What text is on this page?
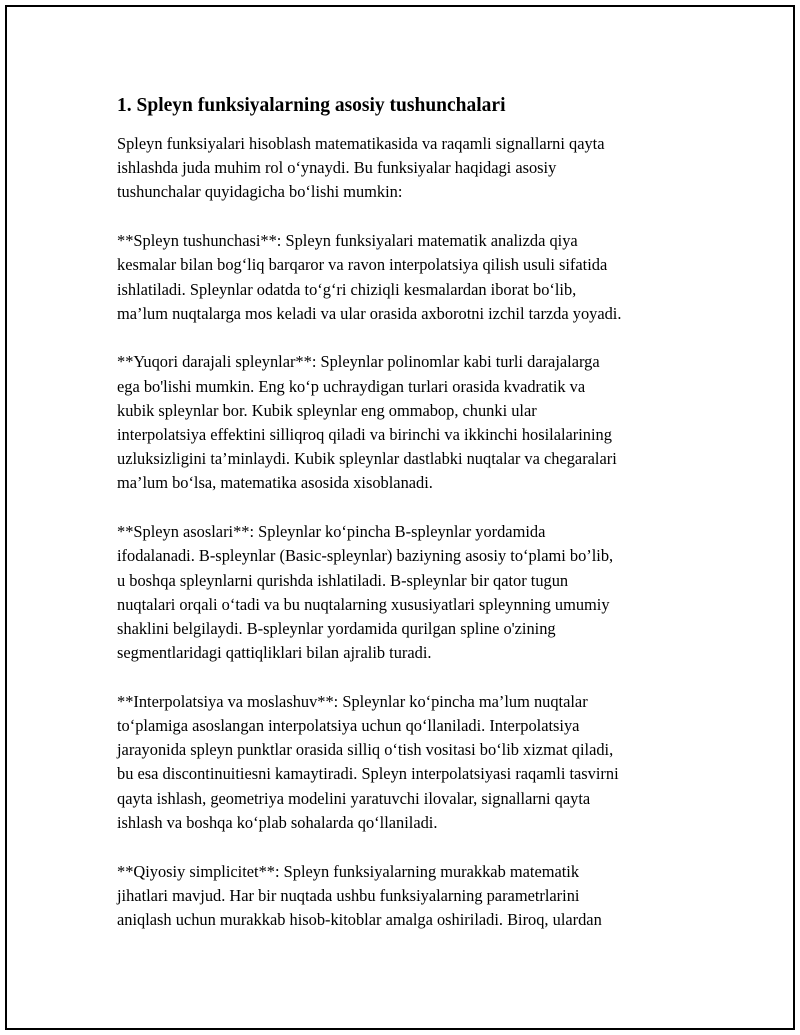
1. Spleyn funksiyalarning asosiy tushunchalari

Spleyn funksiyalari hisoblash matematikasida va raqamli signallarni qayta
ishlashda juda muhim rol o‘ynaydi. Bu funksiyalar haqidagi asosiy
tushunchalar quyidagicha bo‘lishi mumkin:

**Spleyn tushunchasi**: Spleyn funksiyalari matematik analizda qiya
kesmalar bilan bog‘liq barqaror va ravon interpolatsiya qilish usuli sifatida
ishlatiladi. Spleynlar odatda to‘g‘ri chiziqli kesmalardan iborat bo‘lib,
ma’lum nuqtalarga mos keladi va ular orasida axborotni izchil tarzda yoyadi.

**Yuqori darajali spleynlar**: Spleynlar polinomlar kabi turli darajalarga
ega bo'lishi mumkin. Eng ko‘p uchraydigan turlari orasida kvadratik va
kubik spleynlar bor. Kubik spleynlar eng ommabop, chunki ular
interpolatsiya effektini silliqroq qiladi va birinchi va ikkinchi hosilalarining
uzluksizligini ta’minlaydi. Kubik spleynlar dastlabki nuqtalar va chegaralari
ma’lum bo‘lsa, matematika asosida xisoblanadi.

**Spleyn asoslari**: Spleynlar ko‘pincha B-spleynlar yordamida
ifodalanadi. B-spleynlar (Basic-spleynlar) baziyning asosiy to‘plami bo’lib,
u boshqa spleynlarni qurishda ishlatiladi. B-spleynlar bir qator tugun
nuqtalari orqali o‘tadi va bu nuqtalarning xususiyatlari spleynning umumiy
shaklini belgilaydi. B-spleynlar yordamida qurilgan spline o'zining
segmentlaridagi qattiqliklari bilan ajralib turadi.

**Interpolatsiya va moslashuv**: Spleynlar ko‘pincha ma’lum nuqtalar
to‘plamiga asoslangan interpolatsiya uchun qo‘llaniladi. Interpolatsiya
jarayonida spleyn punktlar orasida silliq o‘tish vositasi bo‘lib xizmat qiladi,
bu esa discontinuitiesni kamaytiradi. Spleyn interpolatsiyasi raqamli tasvirni
qayta ishlash, geometriya modelini yaratuvchi ilovalar, signallarni qayta
ishlash va boshqa ko‘plab sohalarda qo‘llaniladi.

**Qiyosiy simplicitet**: Spleyn funksiyalarning murakkab matematik
jihatlari mavjud. Har bir nuqtada ushbu funksiyalarning parametrlarini
aniqlash uchun murakkab hisob-kitoblar amalga oshiriladi. Biroq, ulardan
